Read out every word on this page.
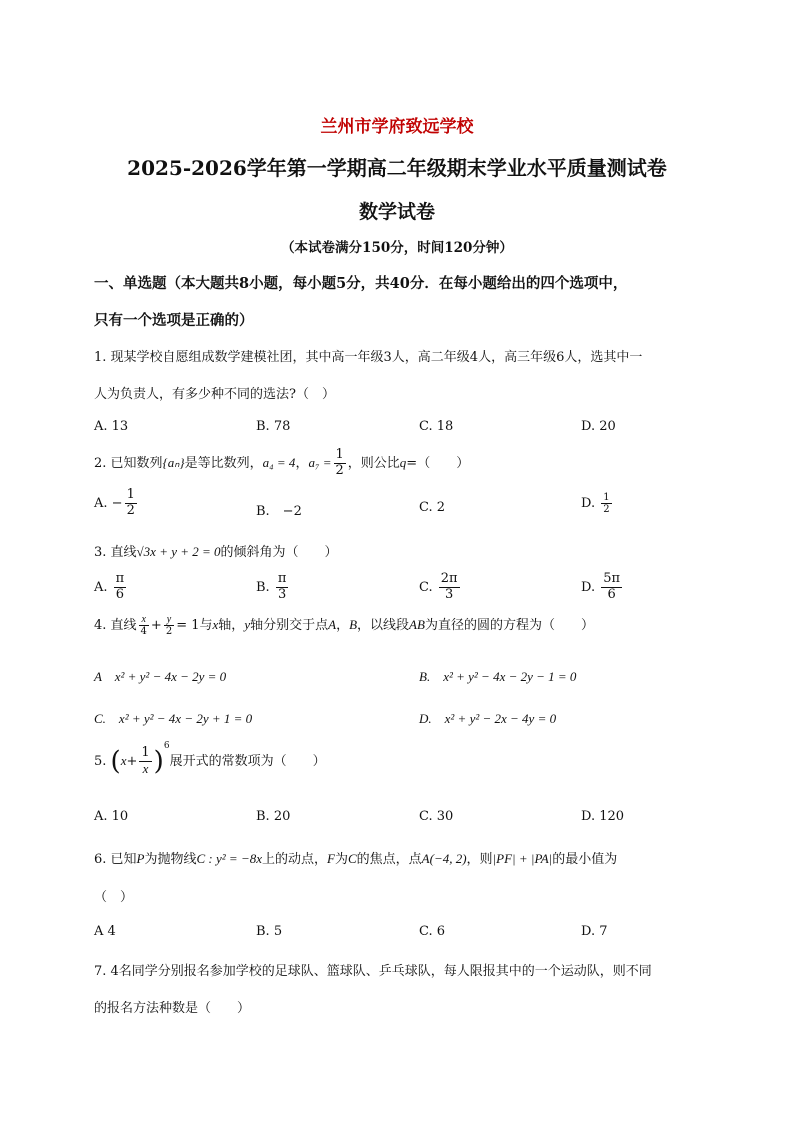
兰州市学府致远学校
2025-2026学年第一学期高二年级期末学业水平质量测试卷
数学试卷
（本试卷满分150分，时间120分钟）
一、单选题（本大题共8小题，每小题5分，共40分．在每小题给出的四个选项中，
只有一个选项是正确的）
1. 现某学校自愿组成数学建模社团，其中高一年级3人，高二年级4人，高三年级6人，选其中一
人为负责人，有多少种不同的选法?（　）
A. 13	B. 78	C. 18	D. 20
2. 已知数列{aₙ}是等比数列，a₄ = 4，$a_7 = \frac{1}{2}$ ，则公比q=（　　）
A. − $\frac{1}{2}$	B.　−2	C. 2	D. $\frac{1}{2}$
3. 直线√3x + y + 2 = 0的倾斜角为（　　）
A. $\frac{\pi}{6}$	B. $\frac{\pi}{3}$	C. $\frac{2\pi}{3}$	D. $\frac{5\pi}{6}$
4. 直线 $\frac{x}{4} + \frac{y}{2} = 1$与x轴，y轴分别交于点A，B，以线段AB为直径的圆的方程为（　　）
A　x² + y² − 4x − 2y = 0	B.　x² + y² − 4x − 2y − 1 = 0
C.　x² + y² − 4x − 2y + 1 = 0	D.　x² + y² − 2x − 4y = 0
5. $(x+ \frac{1}{x} )^6$展开式的常数项为（　　）
A. 10	B. 20	C. 30	D. 120
6. 已知P为抛物线C : y² = −8x上的动点，F为C的焦点，点A(−4, 2)，则|PF| + |PA|的最小值为
（　）
A 4	B. 5	C. 6	D. 7
7. 4名同学分别报名参加学校的足球队、篮球队、乒乓球队，每人限报其中的一个运动队，则不同
的报名方法种数是（　　）
